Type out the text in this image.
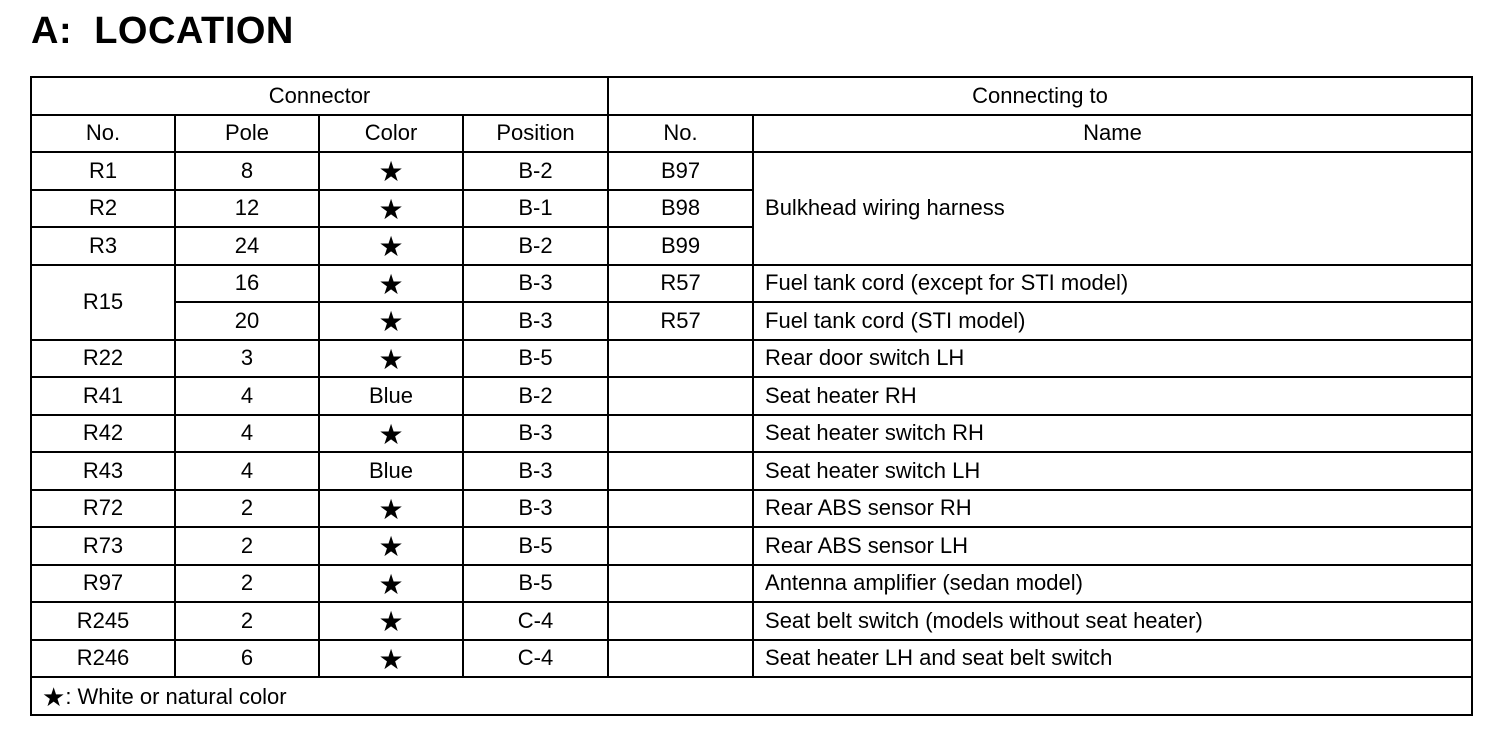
A:  LOCATION
Connector				Connecting to	
No.	Pole	Color	Position	No.	Name
R1	8	★	B-2	B97	Bulkhead wiring harness
R2	12	★	B-1	B98	
R3	24	★	B-2	B99	
R15	16	★	B-3	R57	Fuel tank cord (except for STI model)
	20	★	B-3	R57	Fuel tank cord (STI model)
R22	3	★	B-5		Rear door switch LH
R41	4	Blue	B-2		Seat heater RH
R42	4	★	B-3		Seat heater switch RH
R43	4	Blue	B-3		Seat heater switch LH
R72	2	★	B-3		Rear ABS sensor RH
R73	2	★	B-5		Rear ABS sensor LH
R97	2	★	B-5		Antenna amplifier (sedan model)
R245	2	★	C-4		Seat belt switch (models without seat heater)
R246	6	★	C-4		Seat heater LH and seat belt switch
★: White or natural color					
